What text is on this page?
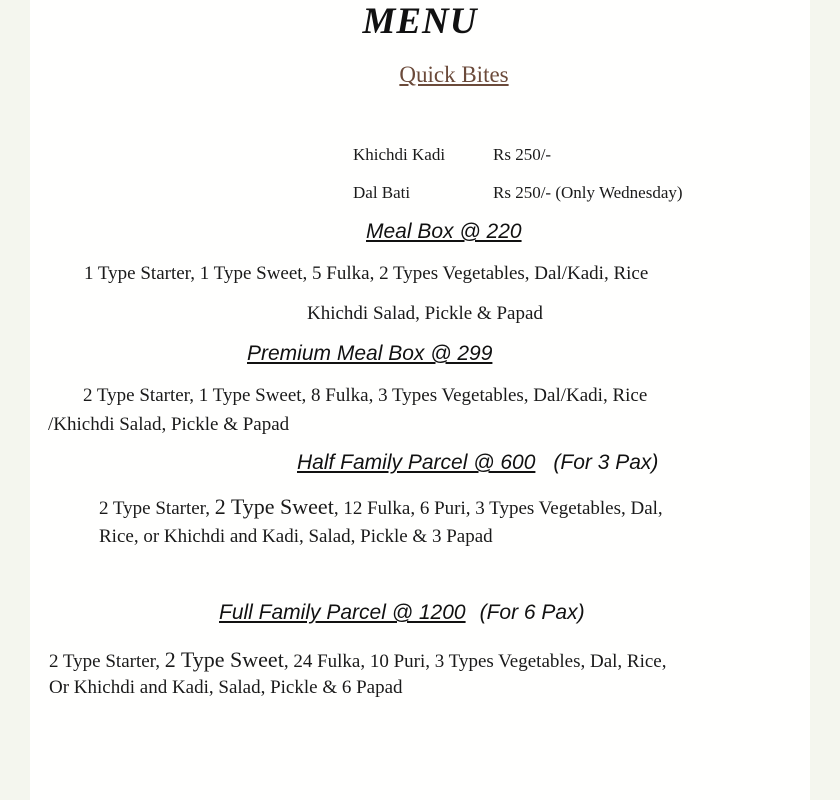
MENU
Quick Bites
Khichdi Kadi	Rs 250/-
Dal Bati	Rs 250/- (Only Wednesday)
Meal Box @ 220
1 Type Starter, 1 Type Sweet, 5 Fulka, 2 Types Vegetables, Dal/Kadi, Rice
Khichdi Salad, Pickle & Papad
Premium Meal Box @ 299
2 Type Starter, 1 Type Sweet, 8 Fulka, 3 Types Vegetables, Dal/Kadi, Rice
/Khichdi Salad, Pickle & Papad
Half Family Parcel @ 600 (For 3 Pax)
2 Type Starter, 2 Type Sweet, 12 Fulka, 6 Puri, 3 Types Vegetables, Dal,
Rice, or Khichdi and Kadi, Salad, Pickle & 3 Papad
Full Family Parcel @ 1200 (For 6 Pax)
2 Type Starter, 2 Type Sweet, 24 Fulka, 10 Puri, 3 Types Vegetables, Dal, Rice,
Or Khichdi and Kadi, Salad, Pickle & 6 Papad
